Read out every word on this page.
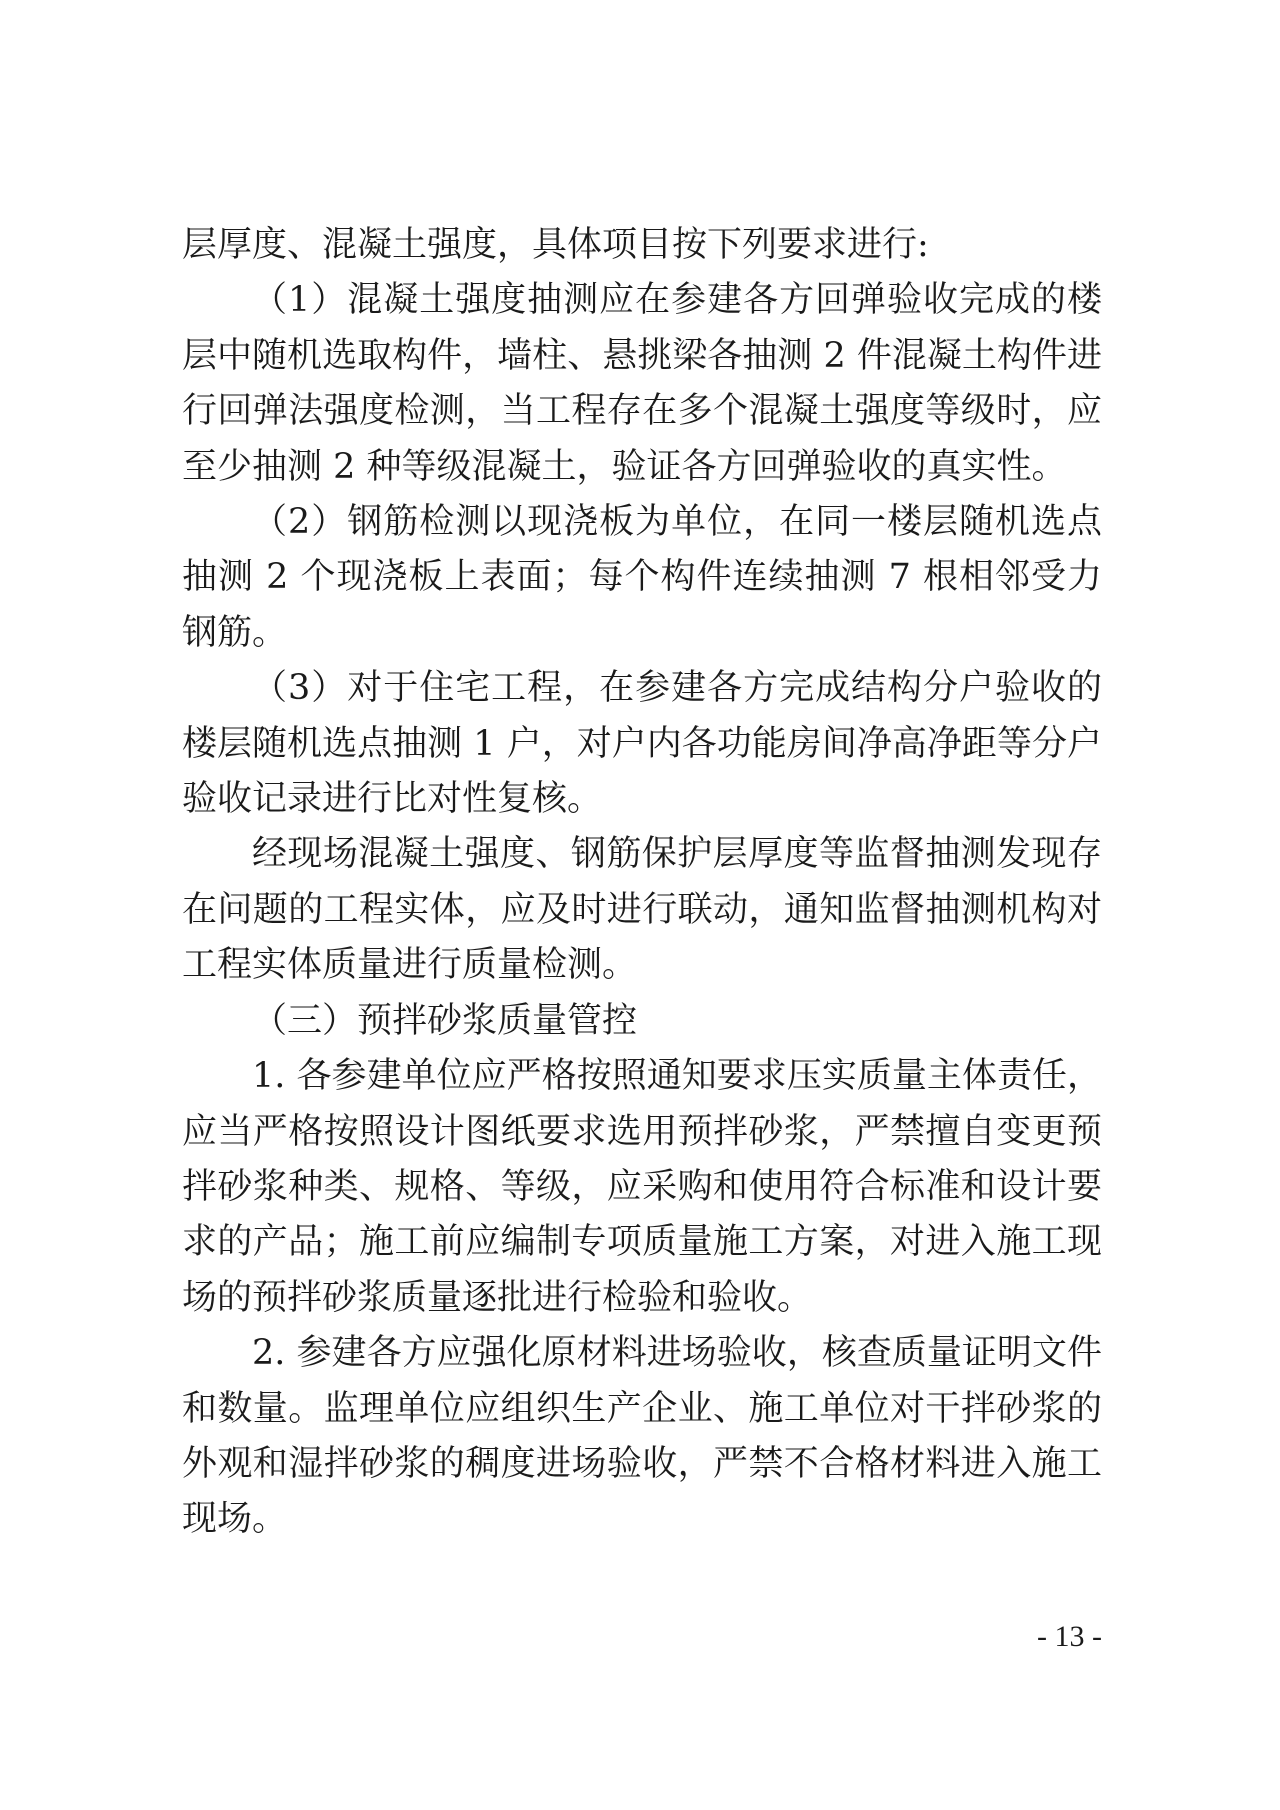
层厚度、混凝土强度，具体项目按下列要求进行:

（1）混凝土强度抽测应在参建各方回弹验收完成的楼层中随机选取构件，墙柱、悬挑梁各抽测 2 件混凝土构件进行回弹法强度检测，当工程存在多个混凝土强度等级时，应至少抽测 2 种等级混凝土，验证各方回弹验收的真实性。

（2）钢筋检测以现浇板为单位，在同一楼层随机选点抽测 2 个现浇板上表面；每个构件连续抽测 7 根相邻受力钢筋。

（3）对于住宅工程，在参建各方完成结构分户验收的楼层随机选点抽测 1 户，对户内各功能房间净高净距等分户验收记录进行比对性复核。

经现场混凝土强度、钢筋保护层厚度等监督抽测发现存在问题的工程实体，应及时进行联动，通知监督抽测机构对工程实体质量进行质量检测。

（三）预拌砂浆质量管控

1. 各参建单位应严格按照通知要求压实质量主体责任，应当严格按照设计图纸要求选用预拌砂浆，严禁擅自变更预拌砂浆种类、规格、等级，应采购和使用符合标准和设计要求的产品；施工前应编制专项质量施工方案，对进入施工现场的预拌砂浆质量逐批进行检验和验收。

2. 参建各方应强化原材料进场验收，核查质量证明文件和数量。监理单位应组织生产企业、施工单位对干拌砂浆的外观和湿拌砂浆的稠度进场验收，严禁不合格材料进入施工现场。

- 13 -
